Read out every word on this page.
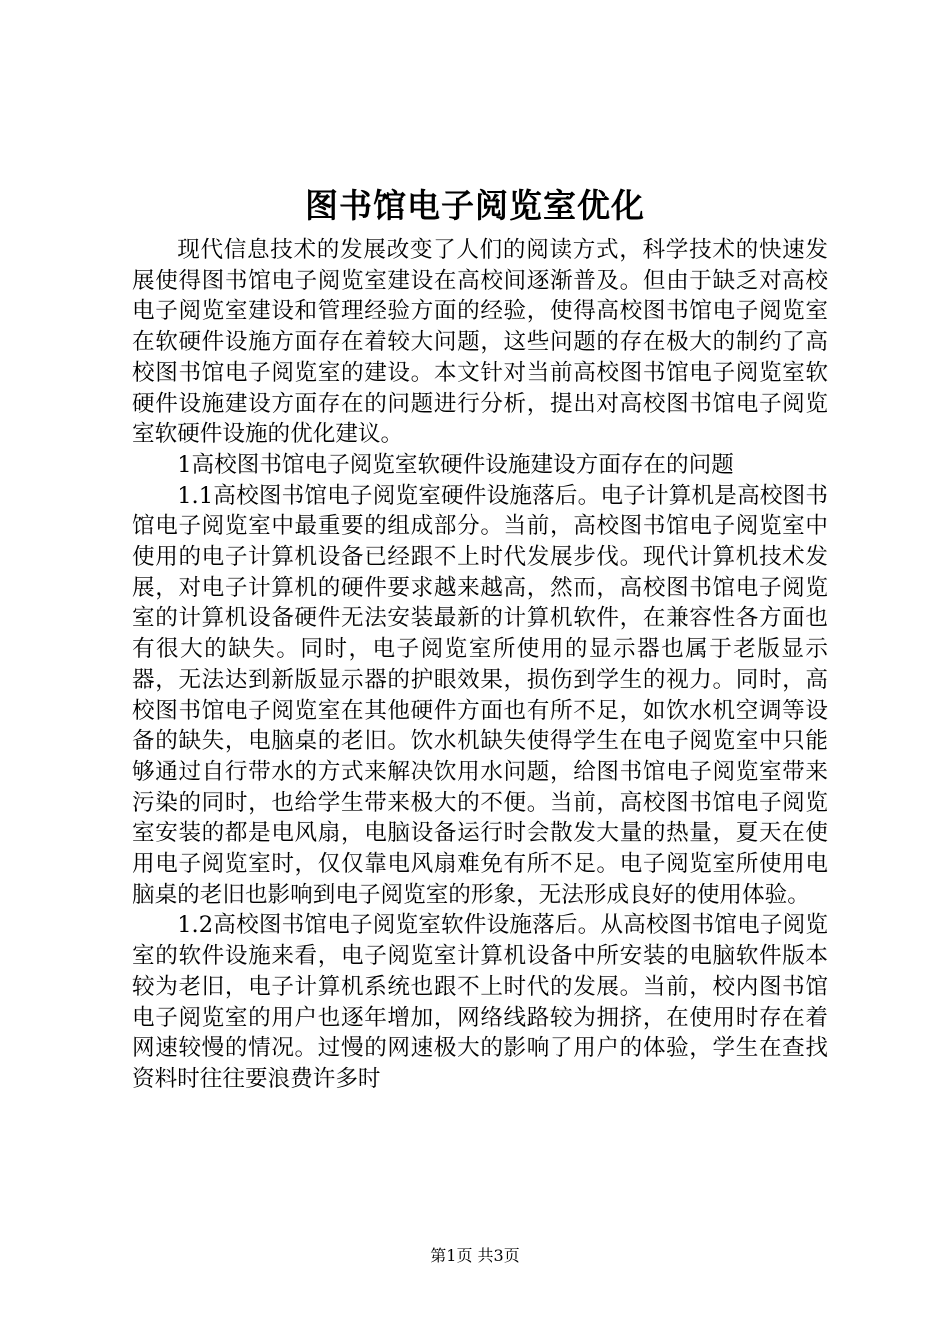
图书馆电子阅览室优化

现代信息技术的发展改变了人们的阅读方式，科学技术的快速发展使得图书馆电子阅览室建设在高校间逐渐普及。但由于缺乏对高校电子阅览室建设和管理经验方面的经验，使得高校图书馆电子阅览室在软硬件设施方面存在着较大问题，这些问题的存在极大的制约了高校图书馆电子阅览室的建设。本文针对当前高校图书馆电子阅览室软硬件设施建设方面存在的问题进行分析，提出对高校图书馆电子阅览室软硬件设施的优化建议。

1高校图书馆电子阅览室软硬件设施建设方面存在的问题

1.1高校图书馆电子阅览室硬件设施落后。电子计算机是高校图书馆电子阅览室中最重要的组成部分。当前，高校图书馆电子阅览室中使用的电子计算机设备已经跟不上时代发展步伐。现代计算机技术发展，对电子计算机的硬件要求越来越高，然而，高校图书馆电子阅览室的计算机设备硬件无法安装最新的计算机软件，在兼容性各方面也有很大的缺失。同时，电子阅览室所使用的显示器也属于老版显示器，无法达到新版显示器的护眼效果，损伤到学生的视力。同时，高校图书馆电子阅览室在其他硬件方面也有所不足，如饮水机空调等设备的缺失，电脑桌的老旧。饮水机缺失使得学生在电子阅览室中只能够通过自行带水的方式来解决饮用水问题，给图书馆电子阅览室带来污染的同时，也给学生带来极大的不便。当前，高校图书馆电子阅览室安装的都是电风扇，电脑设备运行时会散发大量的热量，夏天在使用电子阅览室时，仅仅靠电风扇难免有所不足。电子阅览室所使用电脑桌的老旧也影响到电子阅览室的形象，无法形成良好的使用体验。

1.2高校图书馆电子阅览室软件设施落后。从高校图书馆电子阅览室的软件设施来看，电子阅览室计算机设备中所安装的电脑软件版本较为老旧，电子计算机系统也跟不上时代的发展。当前，校内图书馆电子阅览室的用户也逐年增加，网络线路较为拥挤，在使用时存在着网速较慢的情况。过慢的网速极大的影响了用户的体验，学生在查找资料时往往要浪费许多时

第1页 共3页
